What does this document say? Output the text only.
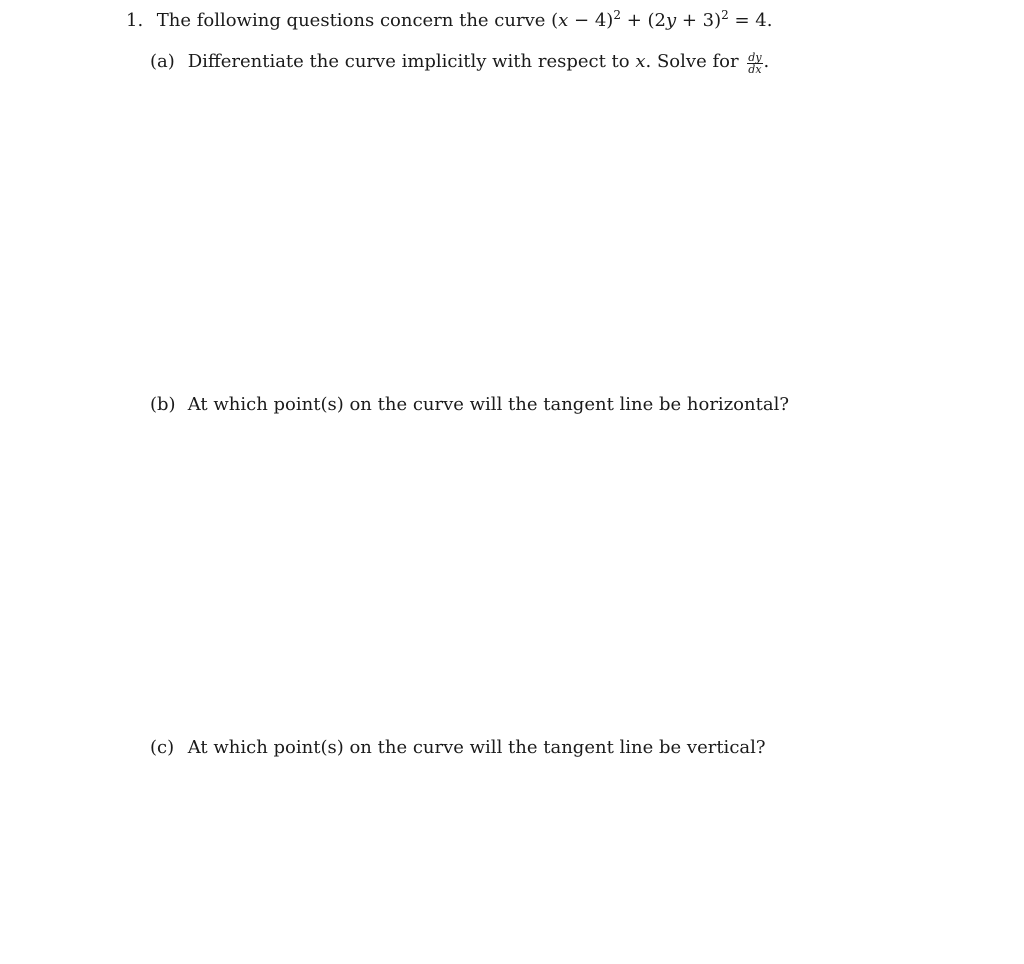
1. The following questions concern the curve $(x - 4)^2 + (2y + 3)^2 = 4$.
(a) Differentiate the curve implicitly with respect to x. Solve for $\frac{dy}{dx}$ .
(b) At which point(s) on the curve will the tangent line be horizontal?
(c) At which point(s) on the curve will the tangent line be vertical?
